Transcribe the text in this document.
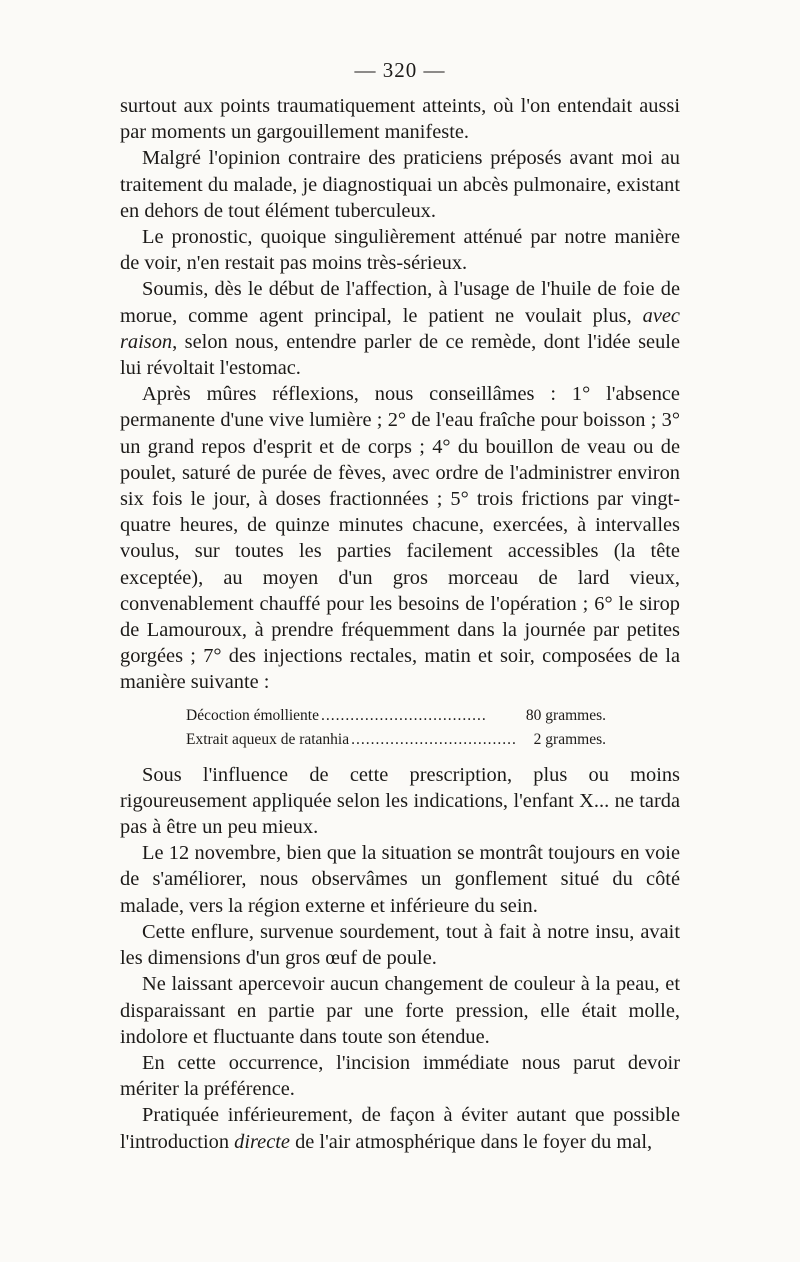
— 320 —

surtout aux points traumatiquement atteints, où l'on entendait aussi par moments un gargouillement manifeste.

Malgré l'opinion contraire des praticiens préposés avant moi au traitement du malade, je diagnostiquai un abcès pulmonaire, existant en dehors de tout élément tuberculeux.

Le pronostic, quoique singulièrement atténué par notre manière de voir, n'en restait pas moins très-sérieux.

Soumis, dès le début de l'affection, à l'usage de l'huile de foie de morue, comme agent principal, le patient ne voulait plus, avec raison, selon nous, entendre parler de ce remède, dont l'idée seule lui révoltait l'estomac.

Après mûres réflexions, nous conseillâmes : 1° l'absence permanente d'une vive lumière ; 2° de l'eau fraîche pour boisson ; 3° un grand repos d'esprit et de corps ; 4° du bouillon de veau ou de poulet, saturé de purée de fèves, avec ordre de l'administrer environ six fois le jour, à doses fractionnées ; 5° trois frictions par vingt-quatre heures, de quinze minutes chacune, exercées, à intervalles voulus, sur toutes les parties facilement accessibles (la tête exceptée), au moyen d'un gros morceau de lard vieux, convenablement chauffé pour les besoins de l'opération ; 6° le sirop de Lamouroux, à prendre fréquemment dans la journée par petites gorgées ; 7° des injections rectales, matin et soir, composées de la manière suivante :

Décoction émolliente ..................................	80 grammes.
Extrait aqueux de ratanhia ..................................	2 grammes.

Sous l'influence de cette prescription, plus ou moins rigoureusement appliquée selon les indications, l'enfant X... ne tarda pas à être un peu mieux.

Le 12 novembre, bien que la situation se montrât toujours en voie de s'améliorer, nous observâmes un gonflement situé du côté malade, vers la région externe et inférieure du sein.

Cette enflure, survenue sourdement, tout à fait à notre insu, avait les dimensions d'un gros œuf de poule.

Ne laissant apercevoir aucun changement de couleur à la peau, et disparaissant en partie par une forte pression, elle était molle, indolore et fluctuante dans toute son étendue.

En cette occurrence, l'incision immédiate nous parut devoir mériter la préférence.

Pratiquée inférieurement, de façon à éviter autant que possible l'introduction directe de l'air atmosphérique dans le foyer du mal,
